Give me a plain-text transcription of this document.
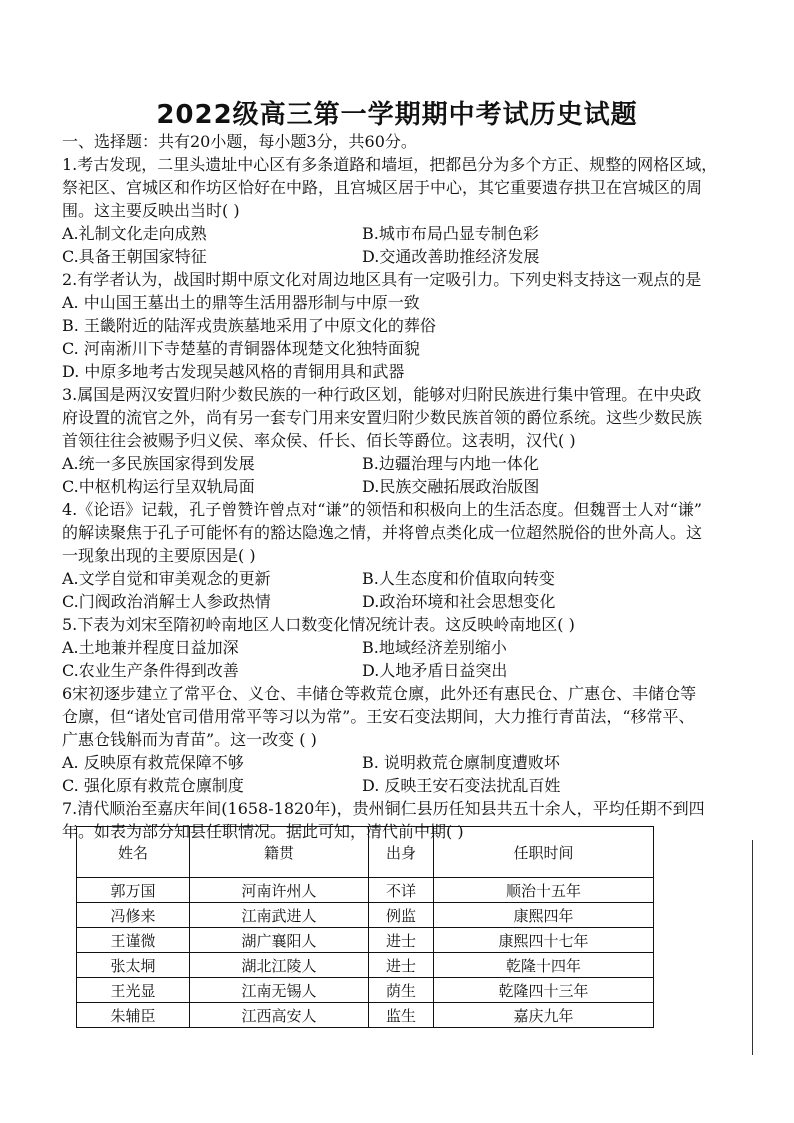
2022级高三第一学期期中考试历史试题
一、选择题：共有20小题，每小题3分，共60分。
1.考古发现，二里头遗址中心区有多条道路和墙垣，把都邑分为多个方正、规整的网格区域，
祭祀区、宫城区和作坊区恰好在中路，且宫城区居于中心，其它重要遗存拱卫在宫城区的周
围。这主要反映出当时( )
A.礼制文化走向成熟	B.城市布局凸显专制色彩
C.具备王朝国家特征	D.交通改善助推经济发展
2.有学者认为，战国时期中原文化对周边地区具有一定吸引力。下列史料支持这一观点的是
A. 中山国王墓出土的鼎等生活用器形制与中原一致
B. 王畿附近的陆浑戎贵族墓地采用了中原文化的葬俗
C. 河南淅川下寺楚墓的青铜器体现楚文化独特面貌
D. 中原多地考古发现吴越风格的青铜用具和武器
3.属国是两汉安置归附少数民族的一种行政区划，能够对归附民族进行集中管理。在中央政
府设置的流官之外，尚有另一套专门用来安置归附少数民族首领的爵位系统。这些少数民族
首领往往会被赐予归义侯、率众侯、仟长、佰长等爵位。这表明，汉代( )
A.统一多民族国家得到发展	B.边疆治理与内地一体化
C.中枢机构运行呈双轨局面	D.民族交融拓展政治版图
4.《论语》记载，孔子曾赞许曾点对“谦”的领悟和积极向上的生活态度。但魏晋士人对“谦”
的解读聚焦于孔子可能怀有的豁达隐逸之情，并将曾点类化成一位超然脱俗的世外高人。这
一现象出现的主要原因是( )
A.文学自觉和审美观念的更新	B.人生态度和价值取向转变
C.门阀政治消解士人参政热情	D.政治环境和社会思想变化
5.下表为刘宋至隋初岭南地区人口数变化情况统计表。这反映岭南地区( )
A.土地兼并程度日益加深	B.地域经济差别缩小
C.农业生产条件得到改善	D.人地矛盾日益突出
6宋初逐步建立了常平仓、义仓、丰储仓等救荒仓廪，此外还有惠民仓、广惠仓、丰储仓等
仓廪，但“诸处官司借用常平等习以为常”。王安石变法期间，大力推行青苗法，“移常平、
广惠仓钱斛而为青苗”。这一改变 ( )
A. 反映原有救荒保障不够	B. 说明救荒仓廪制度遭败坏
C. 强化原有救荒仓廪制度	D. 反映王安石变法扰乱百姓
7.清代顺治至嘉庆年间(1658-1820年)，贵州铜仁县历任知县共五十余人，平均任期不到四
年。如表为部分知县任职情况。据此可知，清代前中期( )
姓名	籍贯	出身	任职时间
郭万国	河南许州人	不详	顺治十五年
冯修来	江南武进人	例监	康熙四年
王谨微	湖广襄阳人	进士	康熙四十七年
张太垌	湖北江陵人	进士	乾隆十四年
王光显	江南无锡人	荫生	乾隆四十三年
朱辅臣	江西高安人	监生	嘉庆九年
